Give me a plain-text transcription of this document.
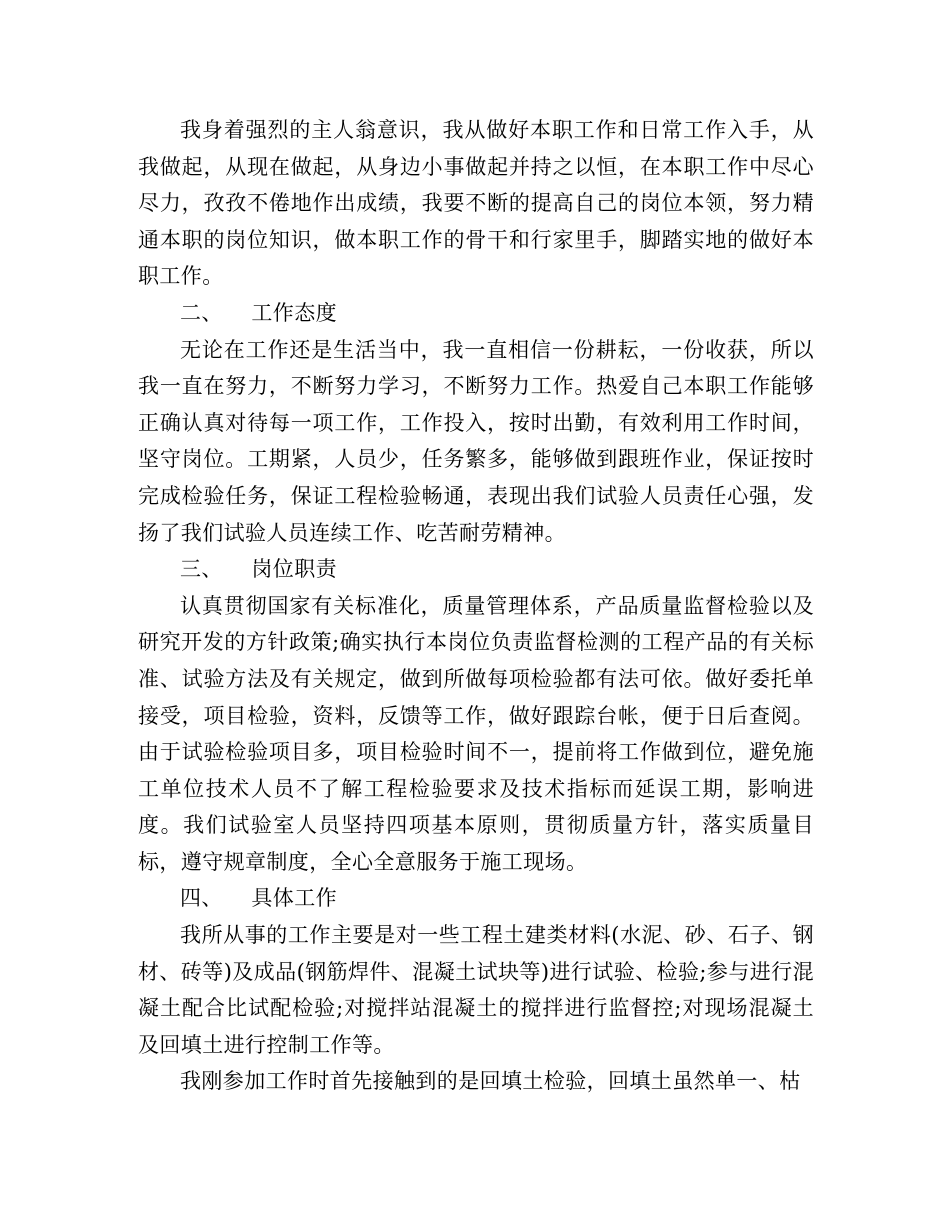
我身着强烈的主人翁意识，我从做好本职工作和日常工作入手，从我做起，从现在做起，从身边小事做起并持之以恒，在本职工作中尽心尽力，孜孜不倦地作出成绩，我要不断的提高自己的岗位本领，努力精通本职的岗位知识，做本职工作的骨干和行家里手，脚踏实地的做好本职工作。

二、 工作态度

无论在工作还是生活当中，我一直相信一份耕耘，一份收获，所以我一直在努力，不断努力学习，不断努力工作。热爱自己本职工作能够正确认真对待每一项工作，工作投入，按时出勤，有效利用工作时间，坚守岗位。工期紧，人员少，任务繁多，能够做到跟班作业，保证按时完成检验任务，保证工程检验畅通，表现出我们试验人员责任心强，发扬了我们试验人员连续工作、吃苦耐劳精神。

三、 岗位职责

认真贯彻国家有关标准化，质量管理体系，产品质量监督检验以及研究开发的方针政策;确实执行本岗位负责监督检测的工程产品的有关标准、试验方法及有关规定，做到所做每项检验都有法可依。做好委托单接受，项目检验，资料，反馈等工作，做好跟踪台帐，便于日后查阅。由于试验检验项目多，项目检验时间不一，提前将工作做到位，避免施工单位技术人员不了解工程检验要求及技术指标而延误工期，影响进度。我们试验室人员坚持四项基本原则，贯彻质量方针，落实质量目标，遵守规章制度，全心全意服务于施工现场。

四、 具体工作

我所从事的工作主要是对一些工程土建类材料(水泥、砂、石子、钢材、砖等)及成品(钢筋焊件、混凝土试块等)进行试验、检验;参与进行混凝土配合比试配检验;对搅拌站混凝土的搅拌进行监督控;对现场混凝土及回填土进行控制工作等。

我刚参加工作时首先接触到的是回填土检验，回填土虽然单一、枯
